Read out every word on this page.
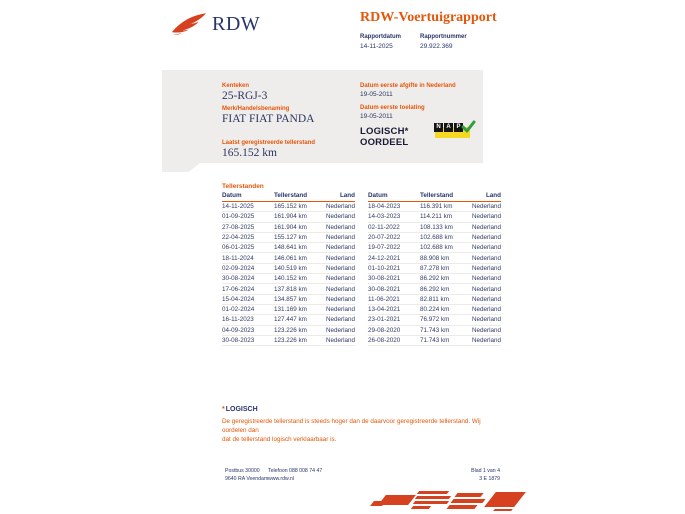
RDW	RDW-Voertuigrapport
Rapportdatum
14-11-2025
Rapportnummer
29.922.369
Kenteken
25-RGJ-3
Merk/Handelsbenaming
FIAT FIAT PANDA
Laatst geregistreerde tellerstand
165.152 km
Datum eerste afgifte in Nederland
19-05-2011
Datum eerste toelating
19-05-2011
LOGISCH*
OORDEEL
N A P
Tellerstanden
Datum	Tellerstand	Land
14-11-2025	165.152 km	Nederland
01-09-2025	161.904 km	Nederland
27-08-2025	161.904 km	Nederland
22-04-2025	155.127 km	Nederland
06-01-2025	148.641 km	Nederland
18-11-2024	146.061 km	Nederland
02-09-2024	140.519 km	Nederland
30-08-2024	140.152 km	Nederland
17-06-2024	137.818 km	Nederland
15-04-2024	134.857 km	Nederland
01-02-2024	131.169 km	Nederland
16-11-2023	127.447 km	Nederland
04-09-2023	123.226 km	Nederland
30-08-2023	123.226 km	Nederland
Datum	Tellerstand	Land
18-04-2023	116.391 km	Nederland
14-03-2023	114.211 km	Nederland
02-11-2022	108.133 km	Nederland
20-07-2022	102.688 km	Nederland
19-07-2022	102.688 km	Nederland
24-12-2021	88.908 km	Nederland
01-10-2021	87.278 km	Nederland
30-08-2021	86.292 km	Nederland
30-08-2021	86.292 km	Nederland
11-06-2021	82.811 km	Nederland
13-04-2021	80.224 km	Nederland
23-01-2021	76.972 km	Nederland
29-08-2020	71.743 km	Nederland
26-08-2020	71.743 km	Nederland
*LOGISCH
De geregistreerde tellerstand is steeds hoger dan de daarvoor geregistreerde tellerstand. Wij oordelen dan
dat de tellerstand logisch verklaarbaar is.
Postbus 30000
9640 RA Veendam
Telefoon 088 008 74 47
www.rdw.nl
Blad 1 van 4
3 E 1879
